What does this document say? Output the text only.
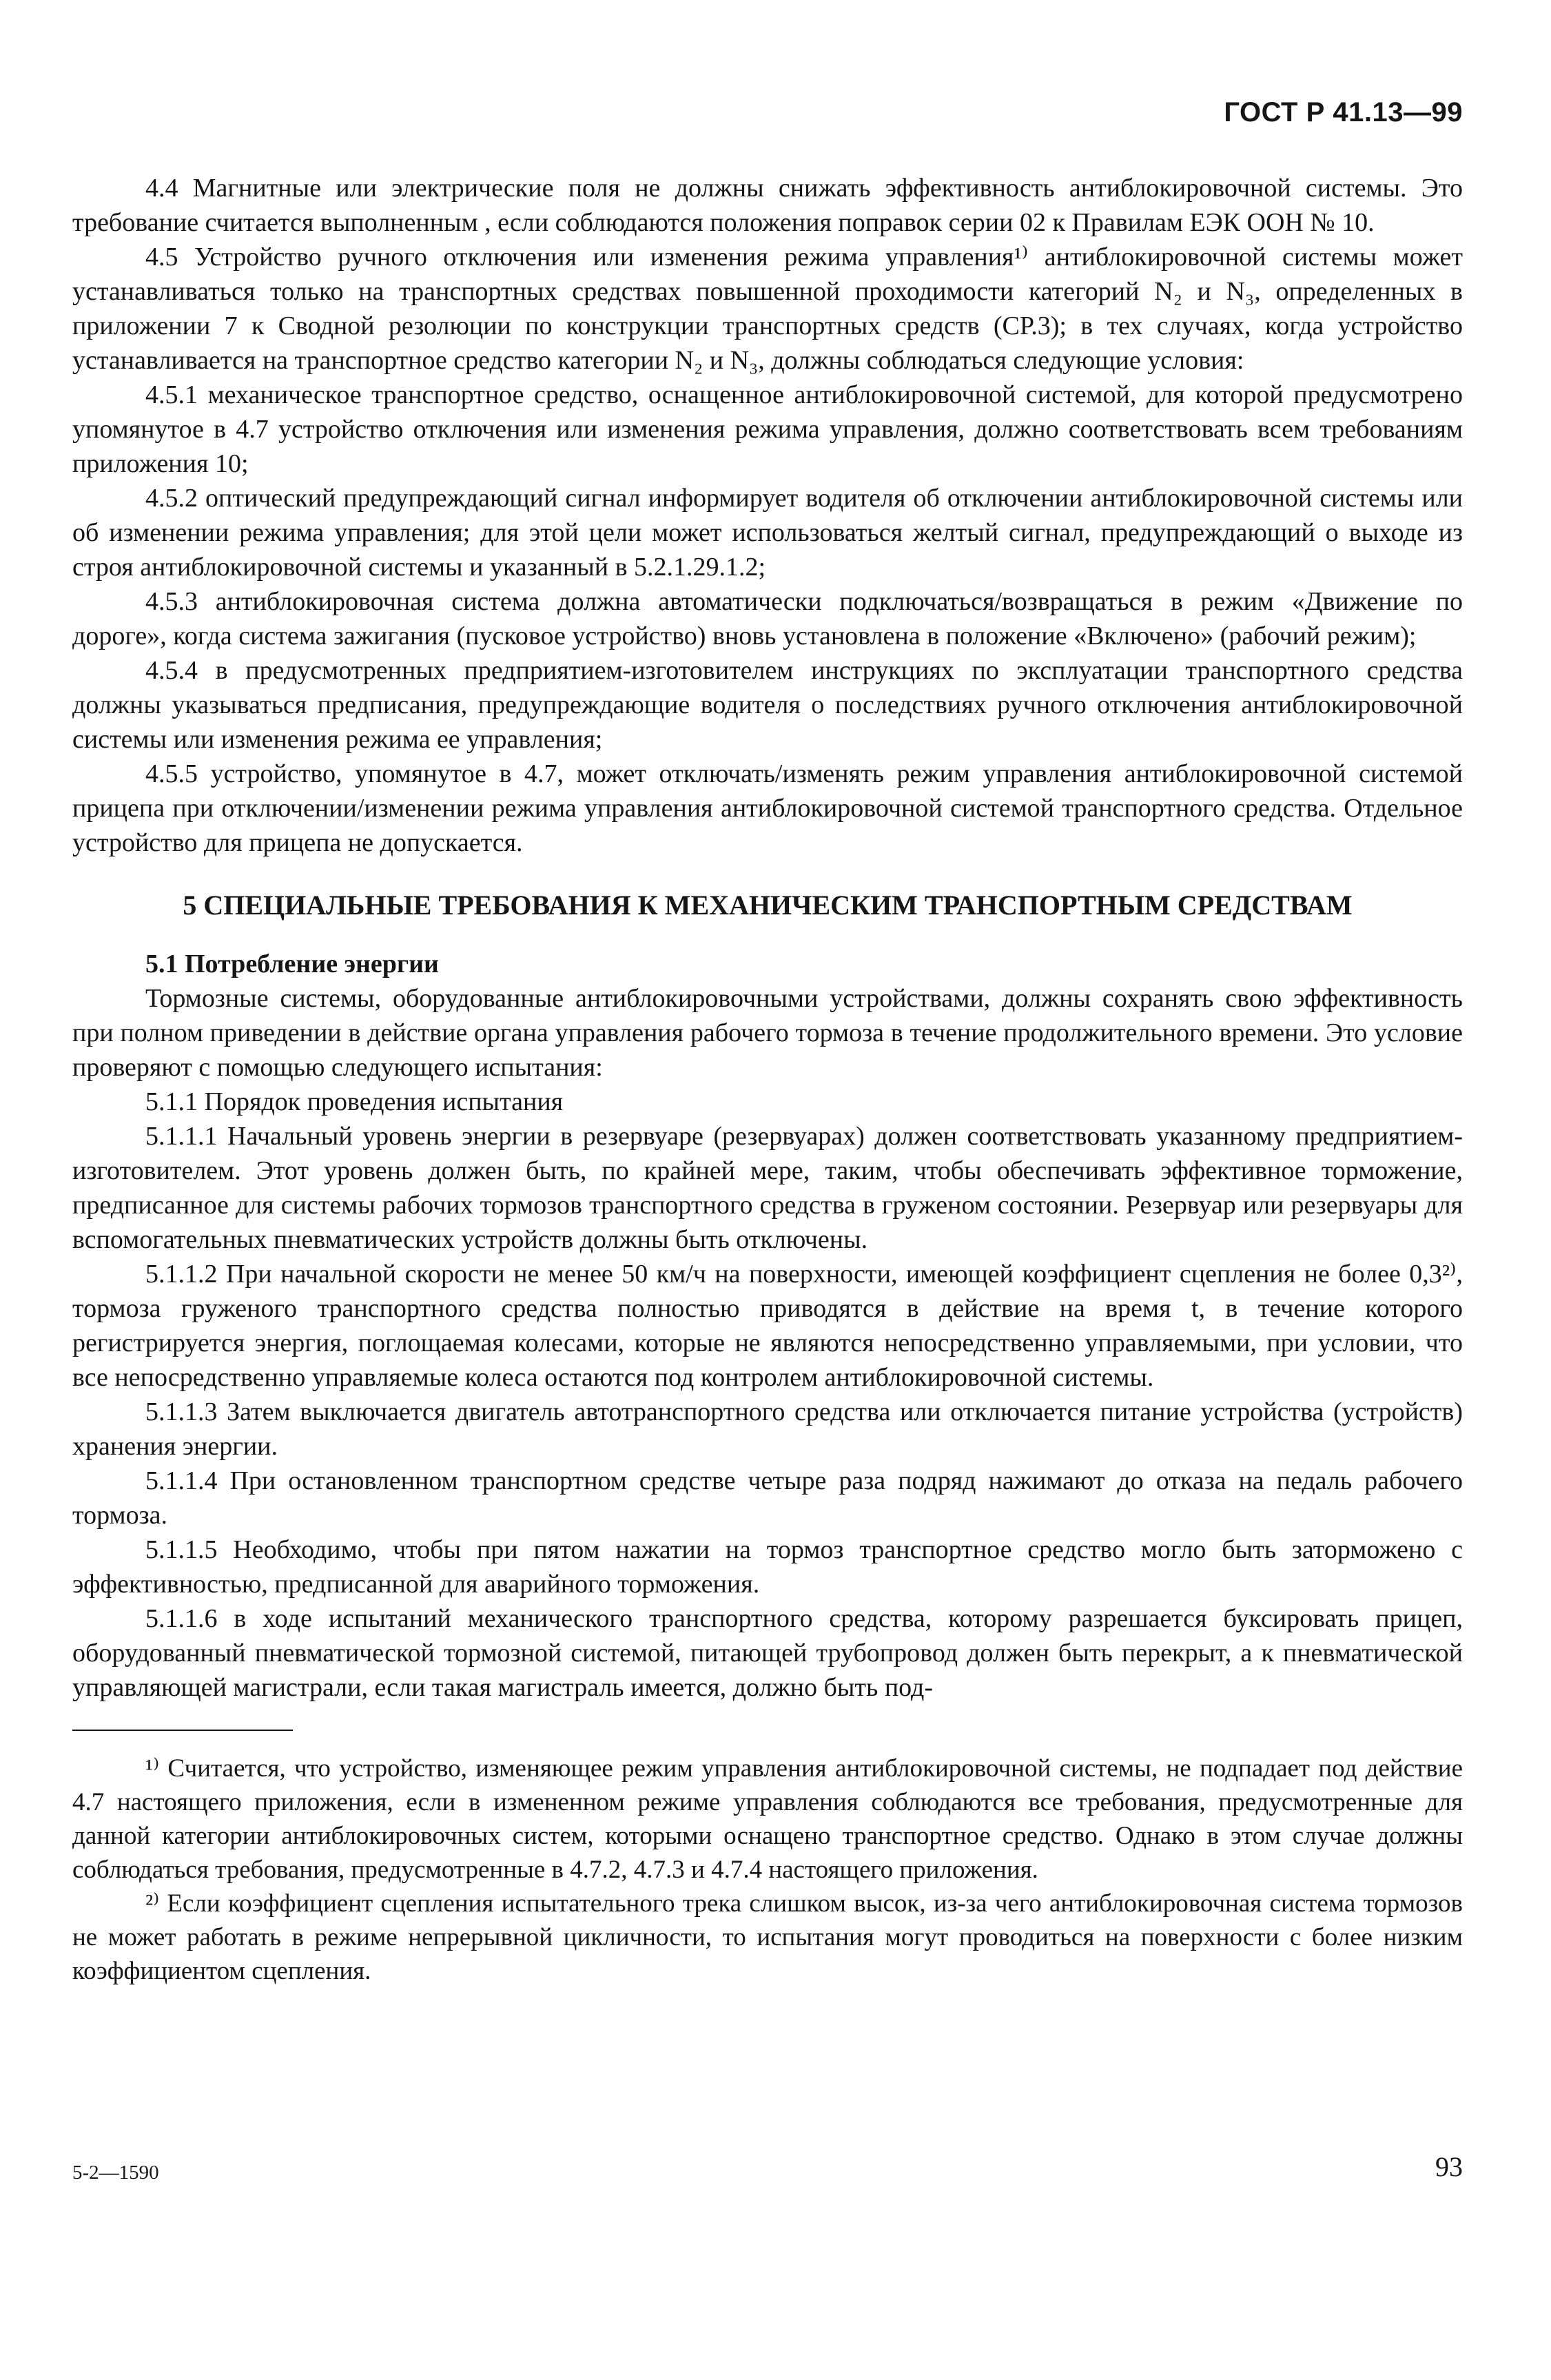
ГОСТ Р 41.13—99

4.4 Магнитные или электрические поля не должны снижать эффективность антиблокировочной системы. Это требование считается выполненным , если соблюдаются положения поправок серии 02 к Правилам ЕЭК ООН № 10.

4.5 Устройство ручного отключения или изменения режима управления¹⁾ антиблокировочной системы может устанавливаться только на транспортных средствах повышенной проходимости категорий N₂ и N₃, определенных в приложении 7 к Сводной резолюции по конструкции транспортных средств (СР.3); в тех случаях, когда устройство устанавливается на транспортное средство категории N₂ и N₃, должны соблюдаться следующие условия:

4.5.1 механическое транспортное средство, оснащенное антиблокировочной системой, для которой предусмотрено упомянутое в 4.7 устройство отключения или изменения режима управления, должно соответствовать всем требованиям приложения 10;

4.5.2 оптический предупреждающий сигнал информирует водителя об отключении антиблокировочной системы или об изменении режима управления; для этой цели может использоваться желтый сигнал, предупреждающий о выходе из строя антиблокировочной системы и указанный в 5.2.1.29.1.2;

4.5.3 антиблокировочная система должна автоматически подключаться/возвращаться в режим «Движение по дороге», когда система зажигания (пусковое устройство) вновь установлена в положение «Включено» (рабочий режим);

4.5.4 в предусмотренных предприятием-изготовителем инструкциях по эксплуатации транспортного средства должны указываться предписания, предупреждающие водителя о последствиях ручного отключения антиблокировочной системы или изменения режима ее управления;

4.5.5 устройство, упомянутое в 4.7, может отключать/изменять режим управления антиблокировочной системой прицепа при отключении/изменении режима управления антиблокировочной системой транспортного средства. Отдельное устройство для прицепа не допускается.

5 СПЕЦИАЛЬНЫЕ ТРЕБОВАНИЯ К МЕХАНИЧЕСКИМ ТРАНСПОРТНЫМ СРЕДСТВАМ

5.1 Потребление энергии

Тормозные системы, оборудованные антиблокировочными устройствами, должны сохранять свою эффективность при полном приведении в действие органа управления рабочего тормоза в течение продолжительного времени. Это условие проверяют с помощью следующего испытания:

5.1.1 Порядок проведения испытания

5.1.1.1 Начальный уровень энергии в резервуаре (резервуарах) должен соответствовать указанному предприятием-изготовителем. Этот уровень должен быть, по крайней мере, таким, чтобы обеспечивать эффективное торможение, предписанное для системы рабочих тормозов транспортного средства в груженом состоянии. Резервуар или резервуары для вспомогательных пневматических устройств должны быть отключены.

5.1.1.2 При начальной скорости не менее 50 км/ч на поверхности, имеющей коэффициент сцепления не более 0,3²⁾, тормоза груженого транспортного средства полностью приводятся в действие на время t, в течение которого регистрируется энергия, поглощаемая колесами, которые не являются непосредственно управляемыми, при условии, что все непосредственно управляемые колеса остаются под контролем антиблокировочной системы.

5.1.1.3 Затем выключается двигатель автотранспортного средства или отключается питание устройства (устройств) хранения энергии.

5.1.1.4 При остановленном транспортном средстве четыре раза подряд нажимают до отказа на педаль рабочего тормоза.

5.1.1.5 Необходимо, чтобы при пятом нажатии на тормоз транспортное средство могло быть заторможено с эффективностью, предписанной для аварийного торможения.

5.1.1.6 в ходе испытаний механического транспортного средства, которому разрешается буксировать прицеп, оборудованный пневматической тормозной системой, питающей трубопровод должен быть перекрыт, а к пневматической управляющей магистрали, если такая магистраль имеется, должно быть под-

¹⁾ Считается, что устройство, изменяющее режим управления антиблокировочной системы, не подпадает под действие 4.7 настоящего приложения, если в измененном режиме управления соблюдаются все требования, предусмотренные для данной категории антиблокировочных систем, которыми оснащено транспортное средство. Однако в этом случае должны соблюдаться требования, предусмотренные в 4.7.2, 4.7.3 и 4.7.4 настоящего приложения.

²⁾ Если коэффициент сцепления испытательного трека слишком высок, из-за чего антиблокировочная система тормозов не может работать в режиме непрерывной цикличности, то испытания могут проводиться на поверхности с более низким коэффициентом сцепления.

5-2—1590	93
